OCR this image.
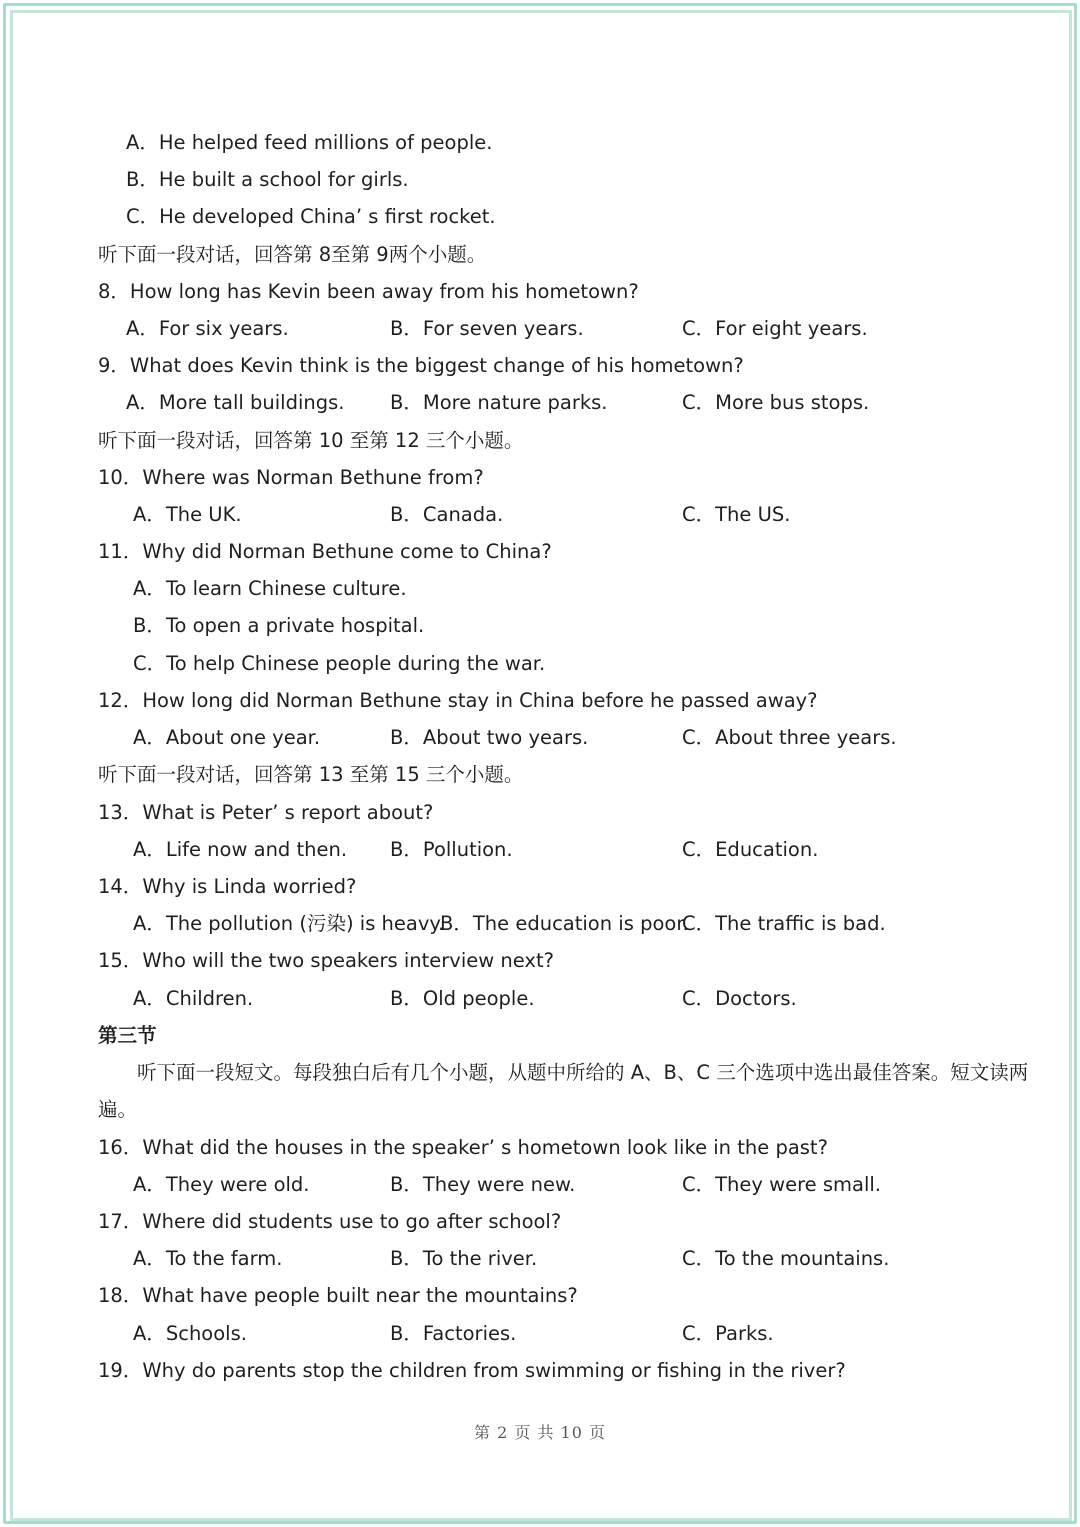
A．He helped feed millions of people.
B．He built a school for girls.
C．He developed China’ s first rocket.
听下面一段对话，回答第 8至第 9两个小题。
8．How long has Kevin been away from his hometown?
A．For six years.	B．For seven years.	C．For eight years.
9．What does Kevin think is the biggest change of his hometown?
A．More tall buildings. B．More nature parks.	C．More bus stops.
听下面一段对话，回答第 10 至第 12 三个小题。
10．Where was Norman Bethune from?
A．The UK.	B．Canada.	C．The US.
11．Why did Norman Bethune come to China?
A．To learn Chinese culture.
B．To open a private hospital.
C．To help Chinese people during the war.
12．How long did Norman Bethune stay in China before he passed away?
A．About one year.	B．About two years.	C．About three years.
听下面一段对话，回答第 13 至第 15 三个小题。
13．What is Peter’ s report about?
A．Life now and then. B．Pollution.	C．Education.
14．Why is Linda worried?
A．The pollution (污染) is heavy.
B．The education is poor.
C．The traffic is bad.
15．Who will the two speakers interview next?
A．Children.	B．Old people.	C．Doctors.
第三节
听下面一段短文。每段独白后有几个小题，从题中所给的 A、B、C 三个选项中选出最佳答案。短文读两
遍。
16．What did the houses in the speaker’ s hometown look like in the past?
A．They were old.	B．They were new.	C．They were small.
17．Where did students use to go after school?
A．To the farm.	B．To the river.	C．To the mountains.
18．What have people built near the mountains?
A．Schools.	B．Factories.	C．Parks.
19．Why do parents stop the children from swimming or fishing in the river?
第 2 页 共 10 页
